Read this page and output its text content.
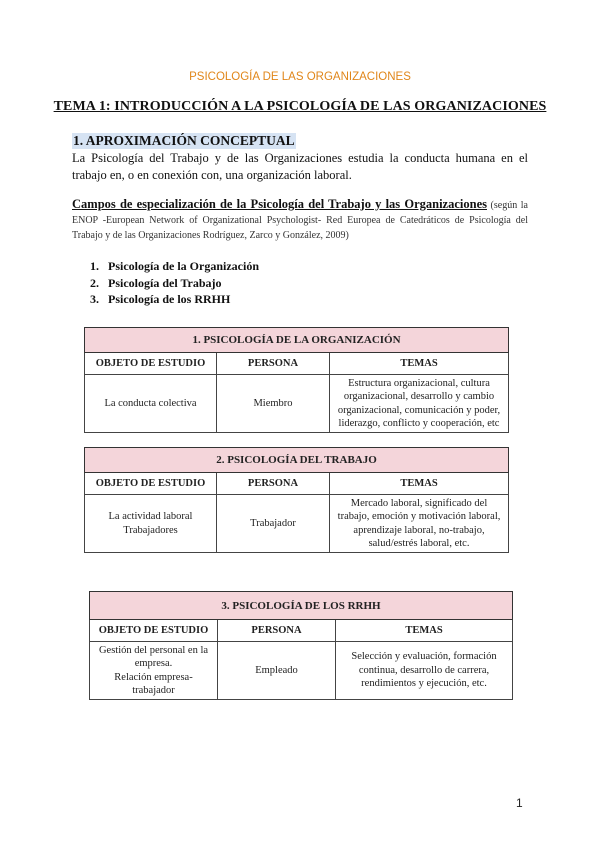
PSICOLOGÍA DE LAS ORGANIZACIONES
TEMA 1: INTRODUCCIÓN A LA PSICOLOGÍA DE LAS ORGANIZACIONES
1. APROXIMACIÓN CONCEPTUAL
La Psicología del Trabajo y de las Organizaciones estudia la conducta humana en el trabajo en, o en conexión con, una organización laboral.
Campos de especialización de la Psicología del Trabajo y las Organizaciones (según la ENOP -European Network of Organizational Psychologist- Red Europea de Catedráticos de Psicología del Trabajo y de las Organizaciones Rodríguez, Zarco y González, 2009)
1. Psicología de la Organización
2. Psicología del Trabajo
3. Psicología de los RRHH
1. PSICOLOGÍA DE LA ORGANIZACIÓN		
OBJETO DE ESTUDIO	PERSONA	TEMAS
La conducta colectiva	Miembro	Estructura organizacional, cultura organizacional, desarrollo y cambio organizacional, comunicación y poder, liderazgo, conflicto y cooperación, etc
2. PSICOLOGÍA DEL TRABAJO		
OBJETO DE ESTUDIO	PERSONA	TEMAS
La actividad laboral Trabajadores	Trabajador	Mercado laboral, significado del trabajo, emoción y motivación laboral, aprendizaje laboral, no-trabajo, salud/estrés laboral, etc.
3. PSICOLOGÍA DE LOS RRHH		
OBJETO DE ESTUDIO	PERSONA	TEMAS

Gestión del personal en la empresa.
Relación empresa-trabajador	Empleado	Selección y evaluación, formación continua, desarrollo de carrera, rendimientos y ejecución, etc.
1
